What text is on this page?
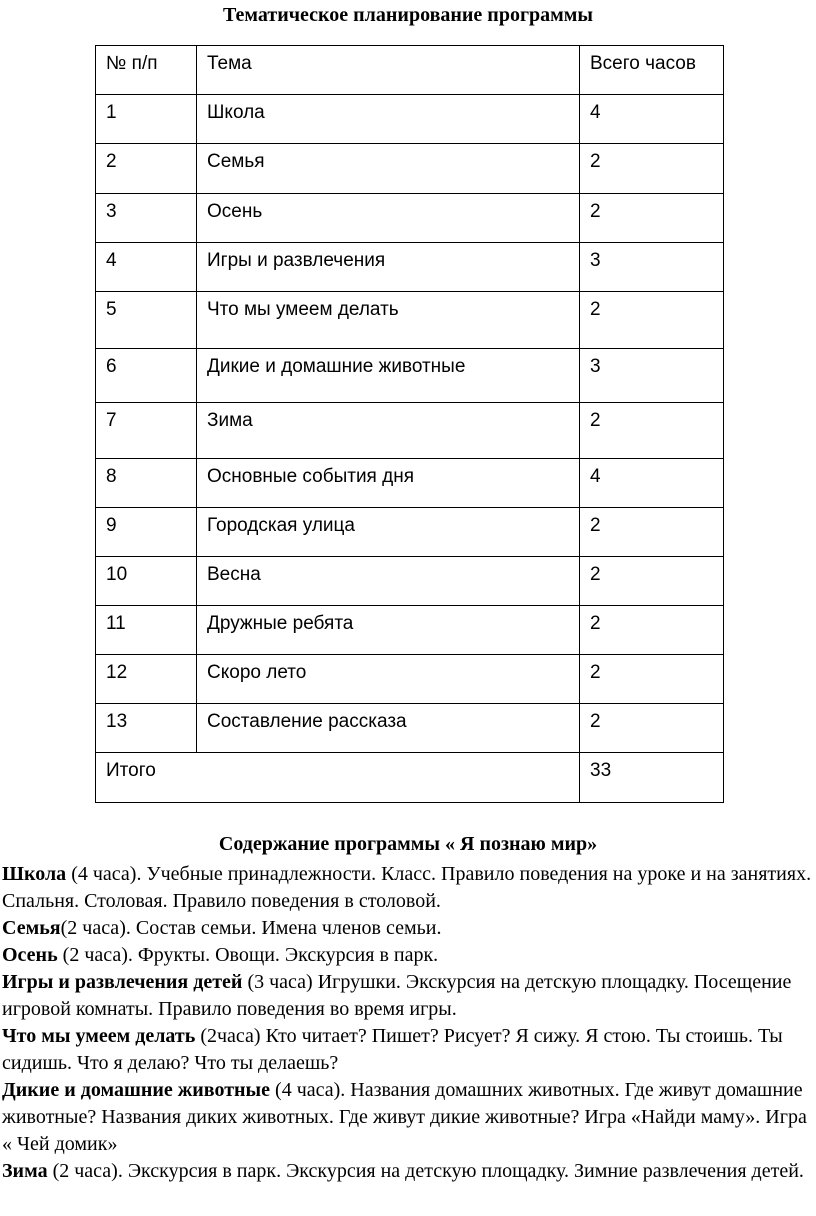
Тематическое планирование программы
№ п/п	Тема	Всего часов
1	Школа	4
2	Семья	2
3	Осень	2
4	Игры и развлечения	3
5	Что мы умеем делать	2
6	Дикие и домашние животные	3
7	Зима	2
8	Основные события дня	4
9	Городская улица	2
10	Весна	2
11	Дружные ребята	2
12	Скоро лето	2
13	Составление рассказа	2
Итого		33
Содержание программы « Я познаю мир»

Школа (4 часа). Учебные принадлежности. Класс. Правило поведения на уроке и на занятиях. Спальня. Столовая. Правило поведения в столовой.

Семья(2 часа). Состав семьи. Имена членов семьи.

Осень (2 часа). Фрукты. Овощи. Экскурсия в парк.

Игры и развлечения детей (3 часа) Игрушки. Экскурсия на детскую площадку. Посещение игровой комнаты. Правило поведения во время игры.

Что мы умеем делать (2часа) Кто читает? Пишет? Рисует? Я сижу. Я стою. Ты стоишь. Ты сидишь. Что я делаю? Что ты делаешь?

Дикие и домашние животные (4 часа). Названия домашних животных. Где живут домашние животные? Названия диких животных. Где живут дикие животные? Игра «Найди маму». Игра « Чей домик»

Зима (2 часа). Экскурсия в парк. Экскурсия на детскую площадку. Зимние развлечения детей.
